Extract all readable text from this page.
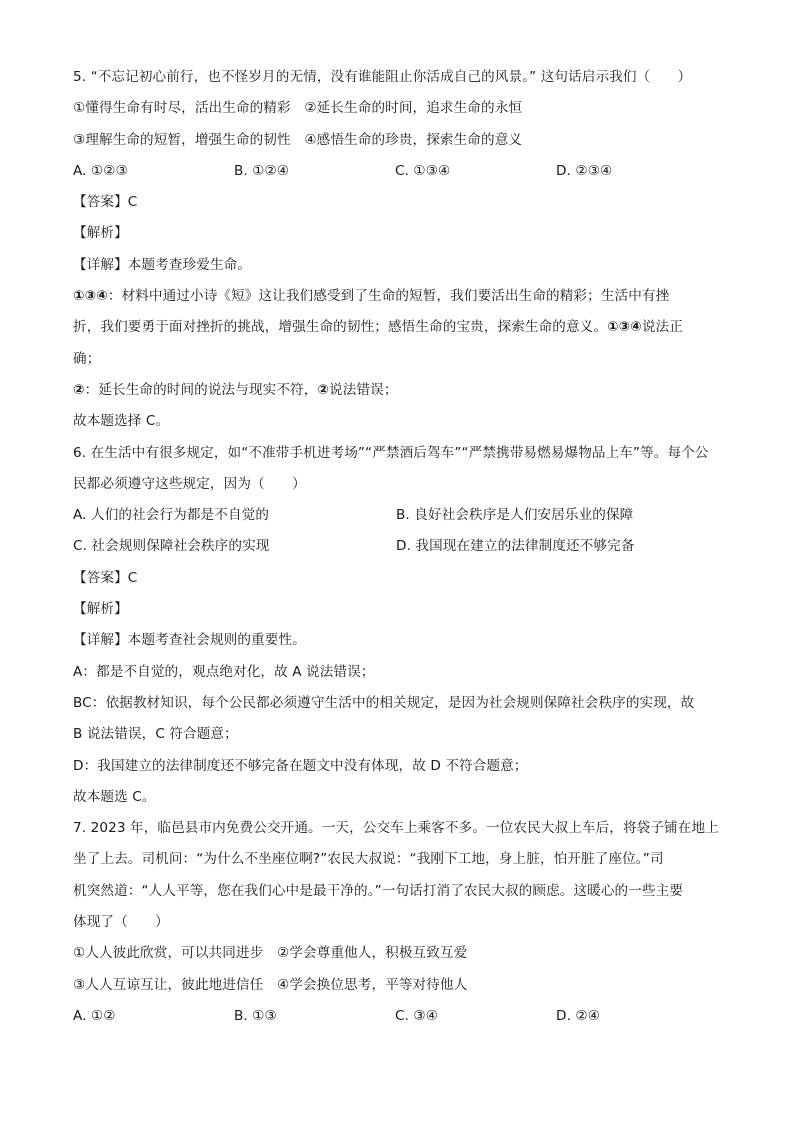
5. “不忘记初心前行，也不怪岁月的无情，没有谁能阻止你活成自己的风景。” 这句话启示我们（　　）
①懂得生命有时尽，活出生命的精彩　②延长生命的时间，追求生命的永恒
③理解生命的短暂，增强生命的韧性　④感悟生命的珍贵，探索生命的意义
A. ①②③	B. ①②④	C. ①③④	D. ②③④
【答案】C
【解析】
【详解】本题考查珍爱生命。
①③④：材料中通过小诗《短》这让我们感受到了生命的短暂，我们要活出生命的精彩；生活中有挫
折，我们要勇于面对挫折的挑战，增强生命的韧性；感悟生命的宝贵，探索生命的意义。①③④说法正
确；
②：延长生命的时间的说法与现实不符，②说法错误；
故本题选择 C。
6. 在生活中有很多规定，如“不准带手机进考场”“严禁酒后驾车”“严禁携带易燃易爆物品上车”等。每个公
民都必须遵守这些规定，因为（　　）
A. 人们的社会行为都是不自觉的	B. 良好社会秩序是人们安居乐业的保障
C. 社会规则保障社会秩序的实现	D. 我国现在建立的法律制度还不够完备
【答案】C
【解析】
【详解】本题考查社会规则的重要性。
A：都是不自觉的，观点绝对化，故 A 说法错误；
BC：依据教材知识，每个公民都必须遵守生活中的相关规定，是因为社会规则保障社会秩序的实现，故
B 说法错误，C 符合题意；
D：我国建立的法律制度还不够完备在题文中没有体现，故 D 不符合题意；
故本题选 C。
7. 2023 年，临邑县市内免费公交开通。一天，公交车上乘客不多。一位农民大叔上车后，将袋子铺在地上
坐了上去。司机问：“为什么不坐座位啊?”农民大叔说：“我刚下工地，身上脏，怕开脏了座位。”司
机突然道：“人人平等，您在我们心中是最干净的。”一句话打消了农民大叔的顾虑。这暖心的一些主要
体现了（　　）
①人人彼此欣赏，可以共同进步　②学会尊重他人，积极互致互爱
③人人互谅互让，彼此地进信任　④学会换位思考，平等对待他人
A. ①②	B. ①③	C. ③④	D. ②④
